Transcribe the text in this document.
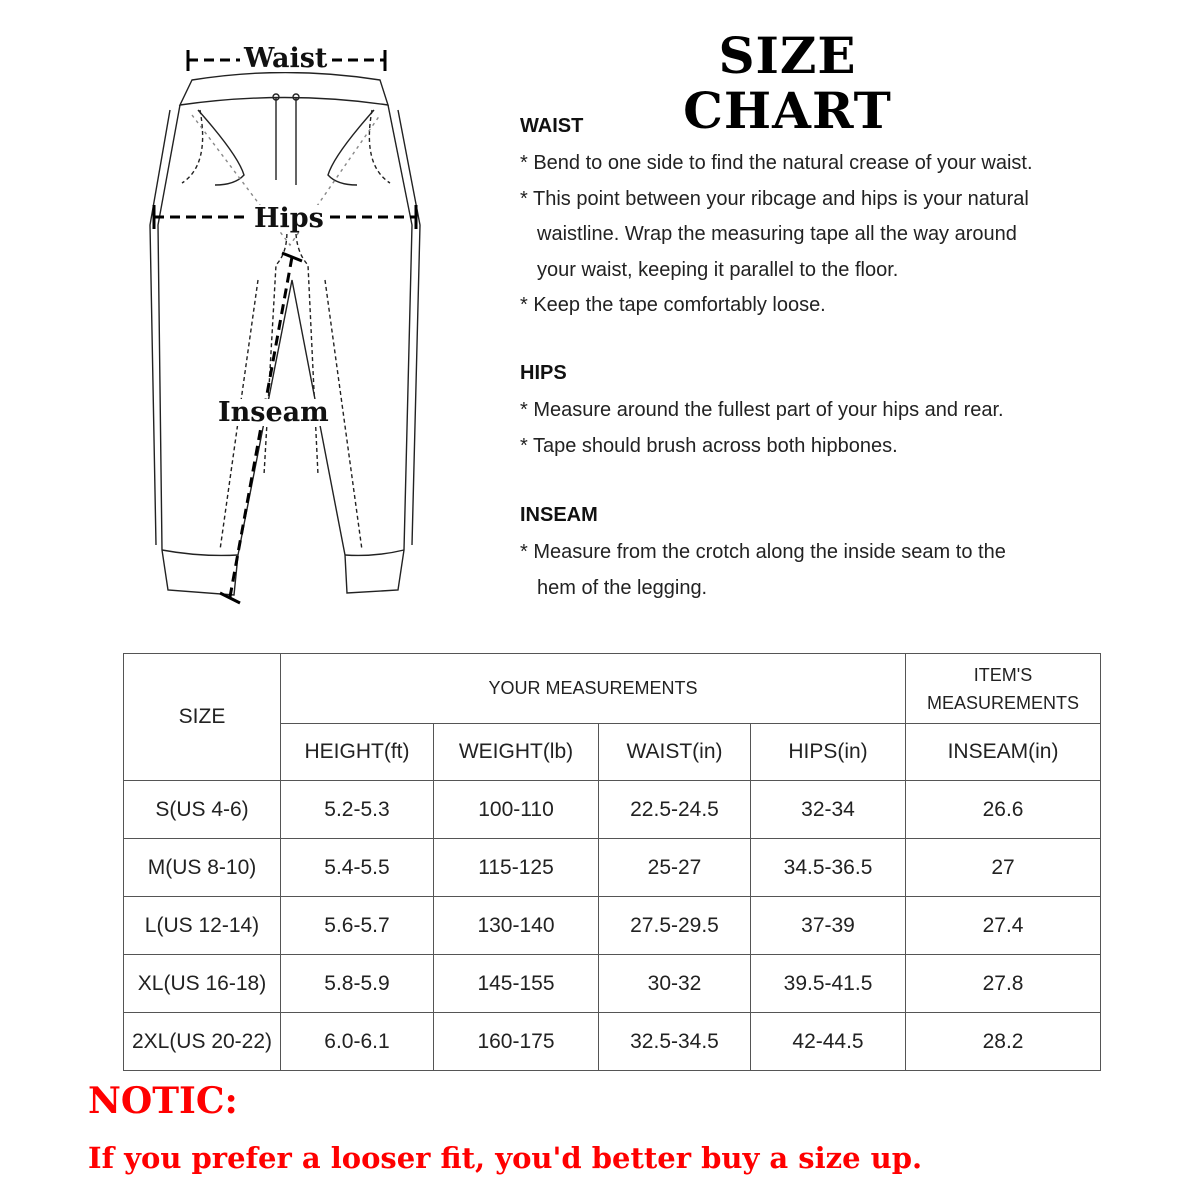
Waist
Hips
Inseam
SIZE CHART
WAIST

* Bend to one side to find the natural crease of your waist.

* This point between your ribcage and hips is your natural

waistline. Wrap the measuring tape all the way around

your waist, keeping it parallel to the floor.

* Keep the tape comfortably loose.

HIPS

* Measure around the fullest part of your hips and rear.

* Tape should brush across both hipbones.

INSEAM

* Measure from the crotch along the inside seam to the

hem of the legging.

SIZE	YOUR MEASUREMENTS				ITEM'S
MEASUREMENTS
	HEIGHT(ft)	WEIGHT(lb)	WAIST(in)	HIPS(in)	INSEAM(in)
S(US 4-6)	5.2-5.3	100-110	22.5-24.5	32-34	26.6
M(US 8-10)	5.4-5.5	115-125	25-27	34.5-36.5	27
L(US 12-14)	5.6-5.7	130-140	27.5-29.5	37-39	27.4
XL(US 16-18)	5.8-5.9	145-155	30-32	39.5-41.5	27.8
2XL(US 20-22)	6.0-6.1	160-175	32.5-34.5	42-44.5	28.2
NOTIC:
If you prefer a looser fit, you'd better buy a size up.
